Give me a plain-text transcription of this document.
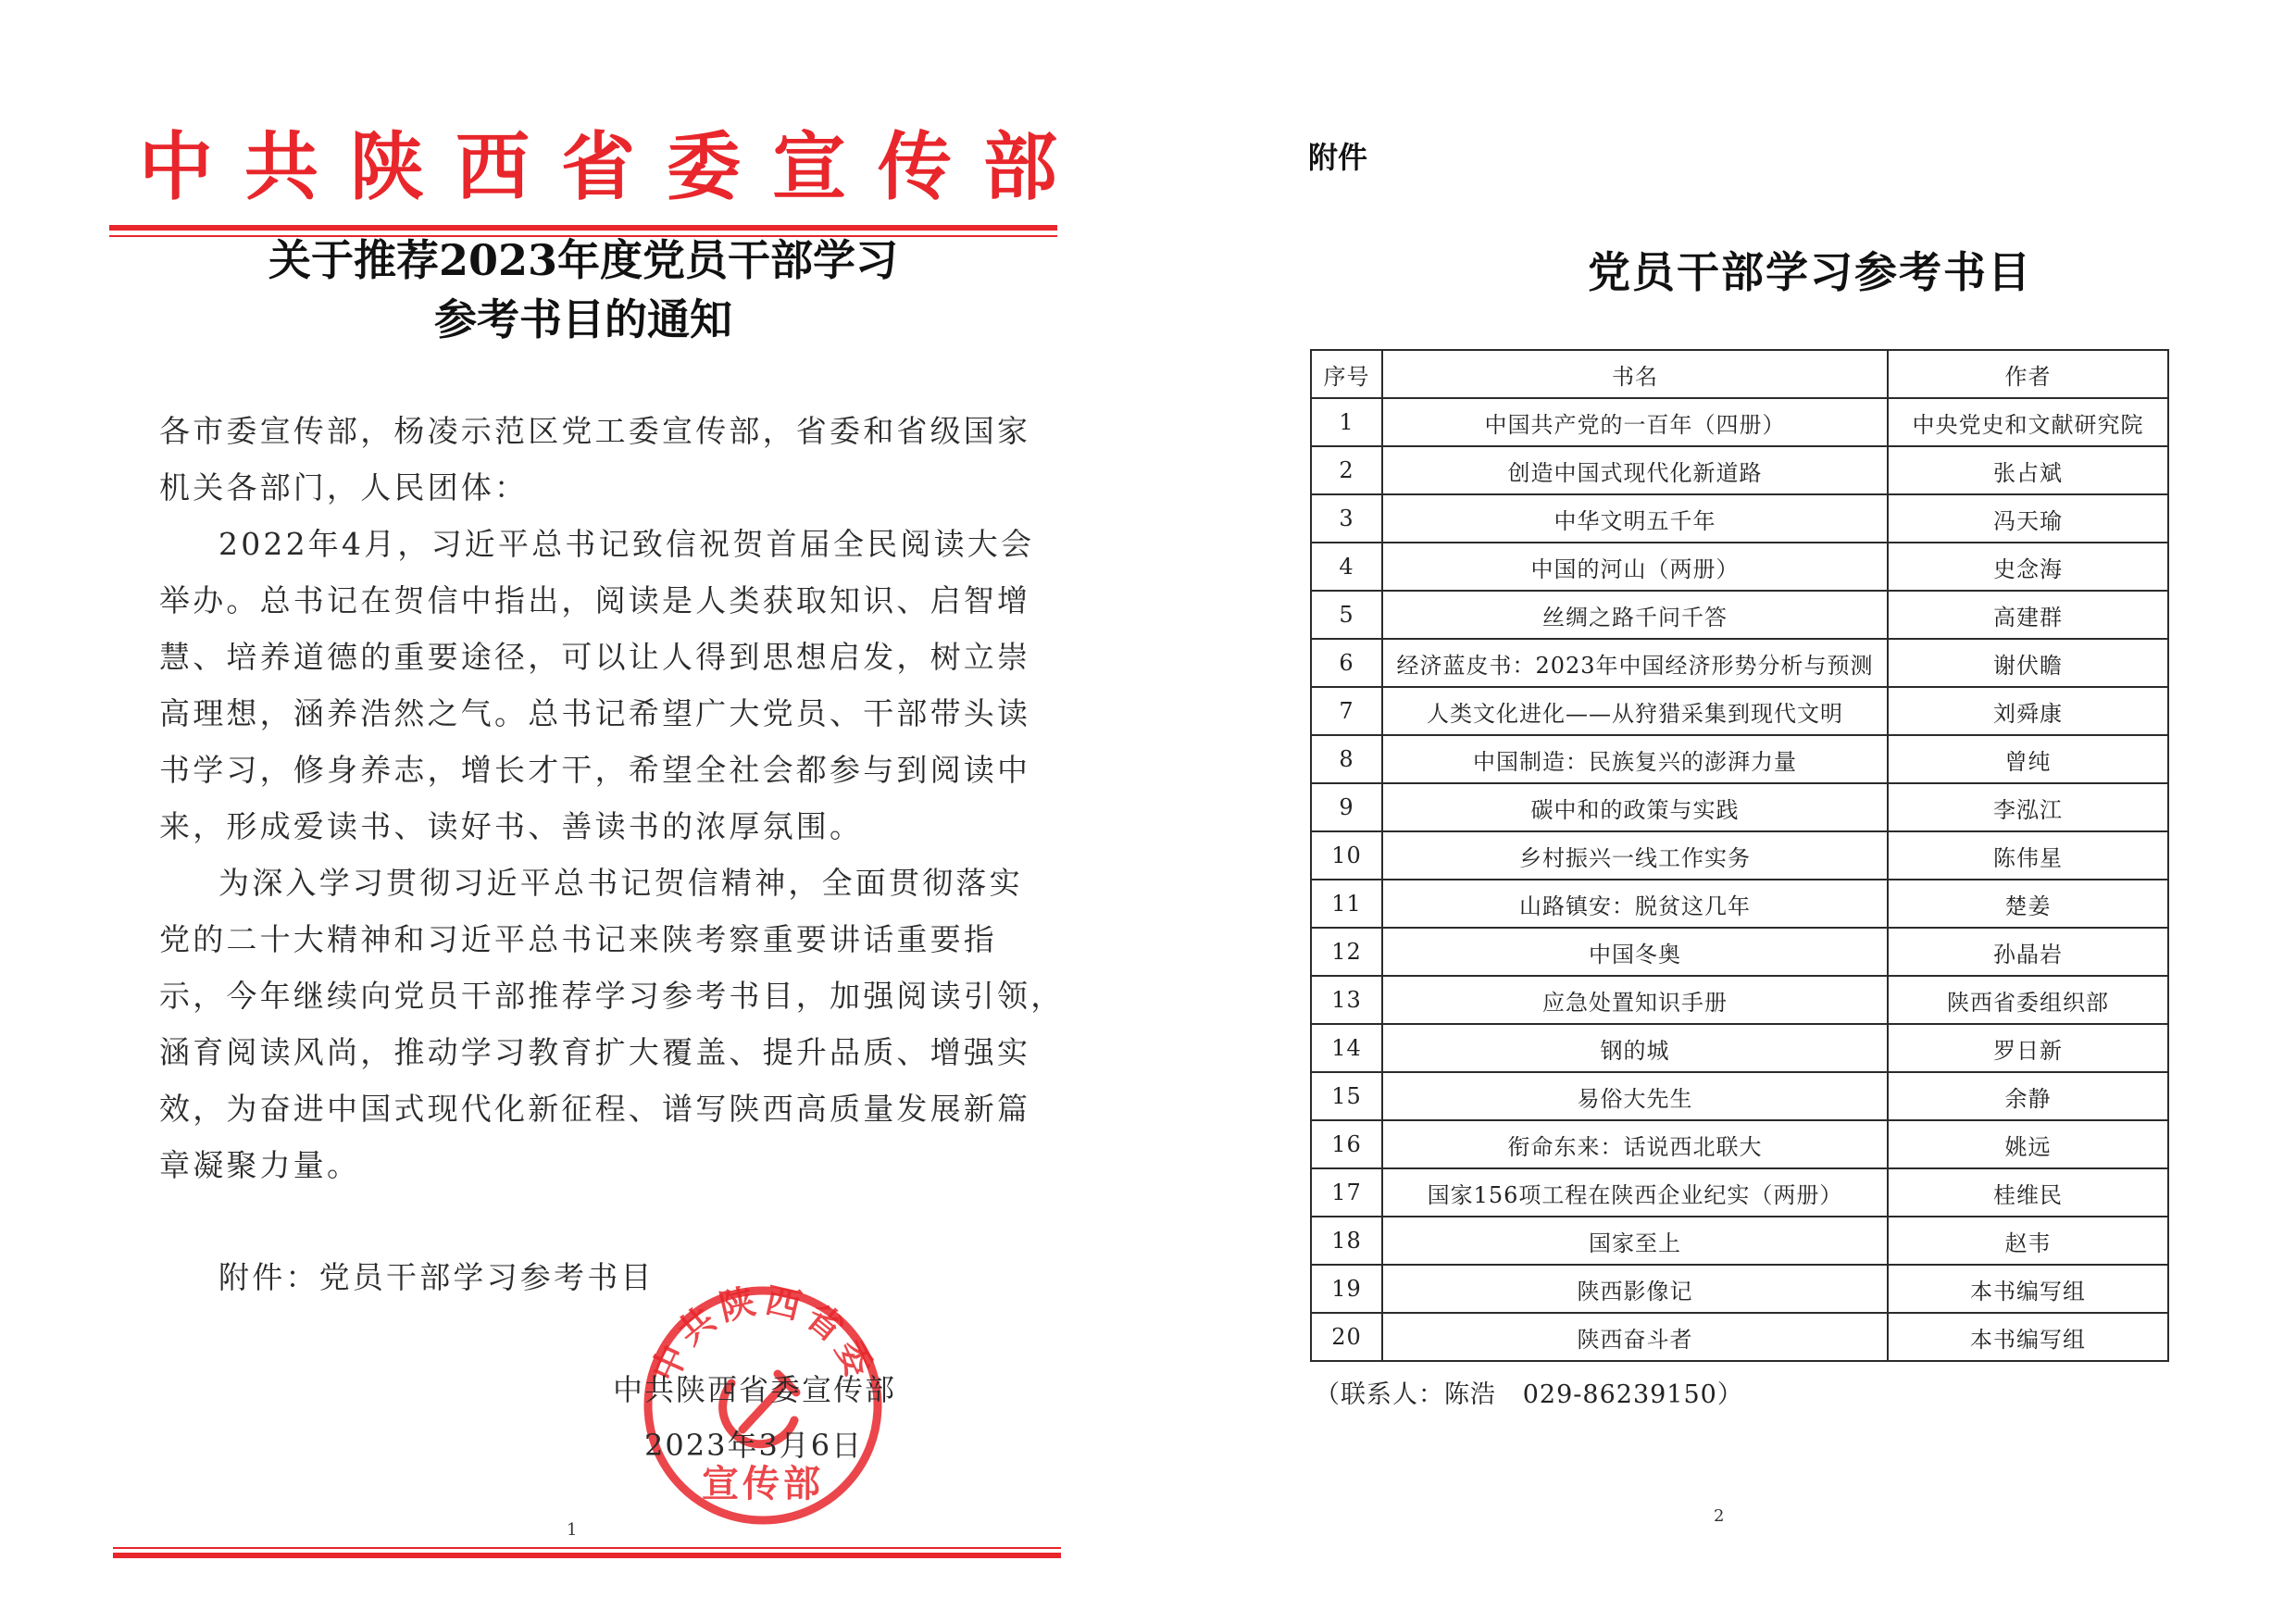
中共陕西省委宣传部
关于推荐2023年度党员干部学习
参考书目的通知
各市委宣传部，杨凌示范区党工委宣传部，省委和省级国家
机关各部门，人民团体：
2022年4月，习近平总书记致信祝贺首届全民阅读大会
举办。总书记在贺信中指出，阅读是人类获取知识、启智增
慧、培养道德的重要途径，可以让人得到思想启发，树立崇
高理想，涵养浩然之气。总书记希望广大党员、干部带头读
书学习，修身养志，增长才干，希望全社会都参与到阅读中
来，形成爱读书、读好书、善读书的浓厚氛围。
为深入学习贯彻习近平总书记贺信精神，全面贯彻落实
党的二十大精神和习近平总书记来陕考察重要讲话重要指
示，今年继续向党员干部推荐学习参考书目，加强阅读引领，
涵育阅读风尚，推动学习教育扩大覆盖、提升品质、增强实
效，为奋进中国式现代化新征程、谱写陕西高质量发展新篇
章凝聚力量。
附件：党员干部学习参考书目
中共陕西省委
宣传部
中共陕西省委宣传部
2023年3月6日
1
附件
党员干部学习参考书目
序号	书名	作者
1	中国共产党的一百年（四册）	中央党史和文献研究院
2	创造中国式现代化新道路	张占斌
3	中华文明五千年	冯天瑜
4	中国的河山（两册）	史念海
5	丝绸之路千问千答	高建群
6	经济蓝皮书：2023年中国经济形势分析与预测	谢伏瞻
7	人类文化进化——从狩猎采集到现代文明	刘舜康
8	中国制造：民族复兴的澎湃力量	曾纯
9	碳中和的政策与实践	李泓江
10	乡村振兴一线工作实务	陈伟星
11	山路镇安：脱贫这几年	楚姜
12	中国冬奥	孙晶岩
13	应急处置知识手册	陕西省委组织部
14	钢的城	罗日新
15	易俗大先生	余静
16	衔命东来：话说西北联大	姚远
17	国家156项工程在陕西企业纪实（两册）	桂维民
18	国家至上	赵韦
19	陕西影像记	本书编写组
20	陕西奋斗者	本书编写组
（联系人：陈浩   029-86239150）
2
